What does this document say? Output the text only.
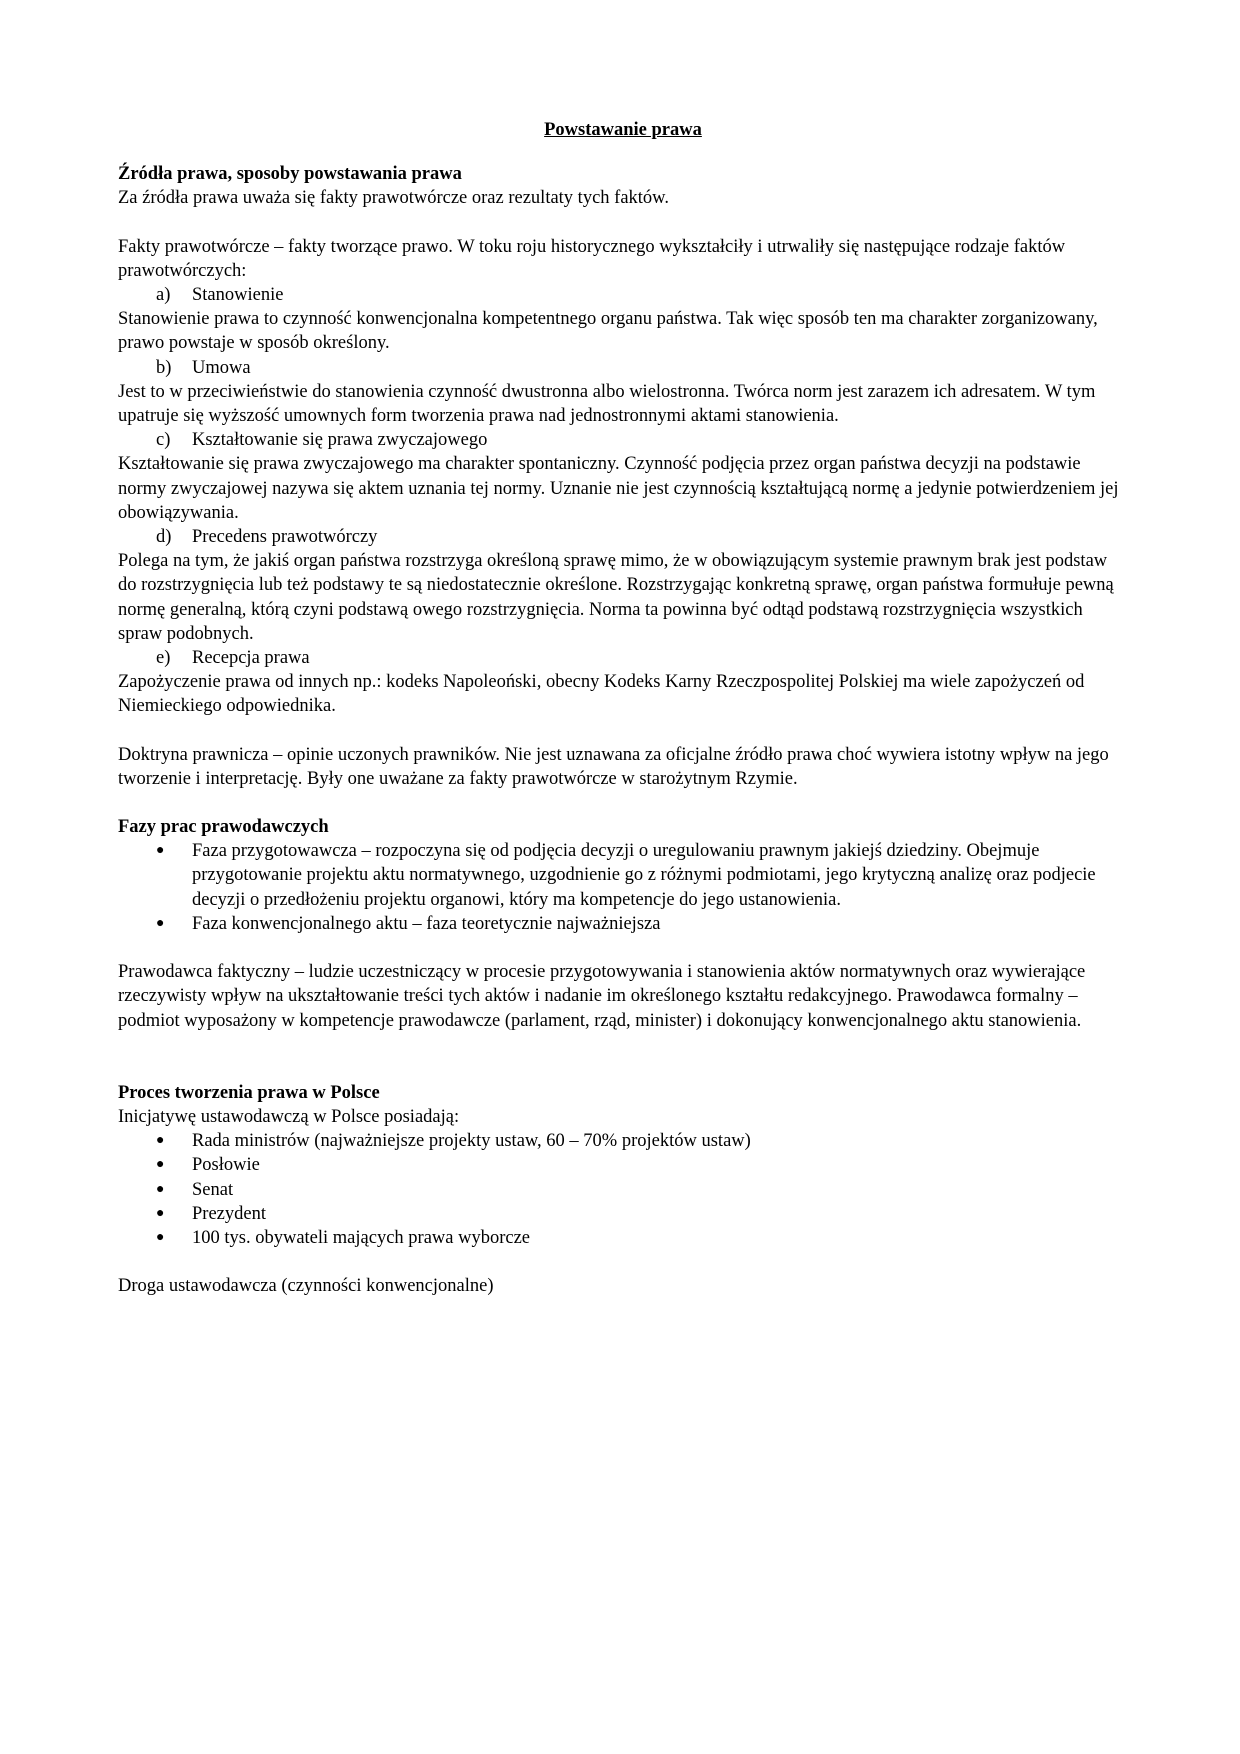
Powstawanie prawa

Źródła prawa, sposoby powstawania prawa

Za źródła prawa uważa się fakty prawotwórcze oraz rezultaty tych faktów.

Fakty prawotwórcze – fakty tworzące prawo. W toku roju historycznego wykształciły i utrwaliły się następujące rodzaje faktów prawotwórczych:

a)	Stanowienie

Stanowienie prawa to czynność konwencjonalna kompetentnego organu państwa. Tak więc sposób ten ma charakter zorganizowany, prawo powstaje w sposób określony.

b)	Umowa

Jest to w przeciwieństwie do stanowienia czynność dwustronna albo wielostronna. Twórca norm jest zarazem ich adresatem. W tym upatruje się wyższość umownych form tworzenia prawa nad jednostronnymi aktami stanowienia.

c)	Kształtowanie się prawa zwyczajowego

Kształtowanie się prawa zwyczajowego ma charakter spontaniczny. Czynność podjęcia przez organ państwa decyzji na podstawie normy zwyczajowej nazywa się aktem uznania tej normy. Uznanie nie jest czynnością kształtującą normę a jedynie potwierdzeniem jej obowiązywania.

d)	Precedens prawotwórczy

Polega na tym, że jakiś organ państwa rozstrzyga określoną sprawę mimo, że w obowiązującym systemie prawnym brak jest podstaw do rozstrzygnięcia lub też podstawy te są niedostatecznie określone. Rozstrzygając konkretną sprawę, organ państwa formułuje pewną normę generalną, którą czyni podstawą owego rozstrzygnięcia. Norma ta powinna być odtąd podstawą rozstrzygnięcia wszystkich spraw podobnych.

e)	Recepcja prawa

Zapożyczenie prawa od innych np.: kodeks Napoleoński, obecny Kodeks Karny Rzeczpospolitej Polskiej ma wiele zapożyczeń od Niemieckiego odpowiednika.

Doktryna prawnicza – opinie uczonych prawników. Nie jest uznawana za oficjalne źródło prawa choć wywiera istotny wpływ na jego tworzenie i interpretację. Były one uważane za fakty prawotwórcze w starożytnym Rzymie.

Fazy prac prawodawczych

●	Faza przygotowawcza – rozpoczyna się od podjęcia decyzji o uregulowaniu prawnym jakiejś dziedziny. Obejmuje przygotowanie projektu aktu normatywnego, uzgodnienie go z różnymi podmiotami, jego krytyczną analizę oraz podjecie decyzji o przedłożeniu projektu organowi, który ma kompetencje do jego ustanowienia.
●	Faza konwencjonalnego aktu – faza teoretycznie najważniejsza

Prawodawca faktyczny – ludzie uczestniczący w procesie przygotowywania i stanowienia aktów normatywnych oraz wywierające rzeczywisty wpływ na ukształtowanie treści tych aktów i nadanie im określonego kształtu redakcyjnego. Prawodawca formalny – podmiot wyposażony w kompetencje prawodawcze (parlament, rząd, minister) i dokonujący konwencjonalnego aktu stanowienia.

Proces tworzenia prawa w Polsce

Inicjatywę ustawodawczą w Polsce posiadają:

●	Rada ministrów (najważniejsze projekty ustaw, 60 – 70% projektów ustaw)
●	Posłowie
●	Senat
●	Prezydent
●	100 tys. obywateli mających prawa wyborcze

Droga ustawodawcza (czynności konwencjonalne)
